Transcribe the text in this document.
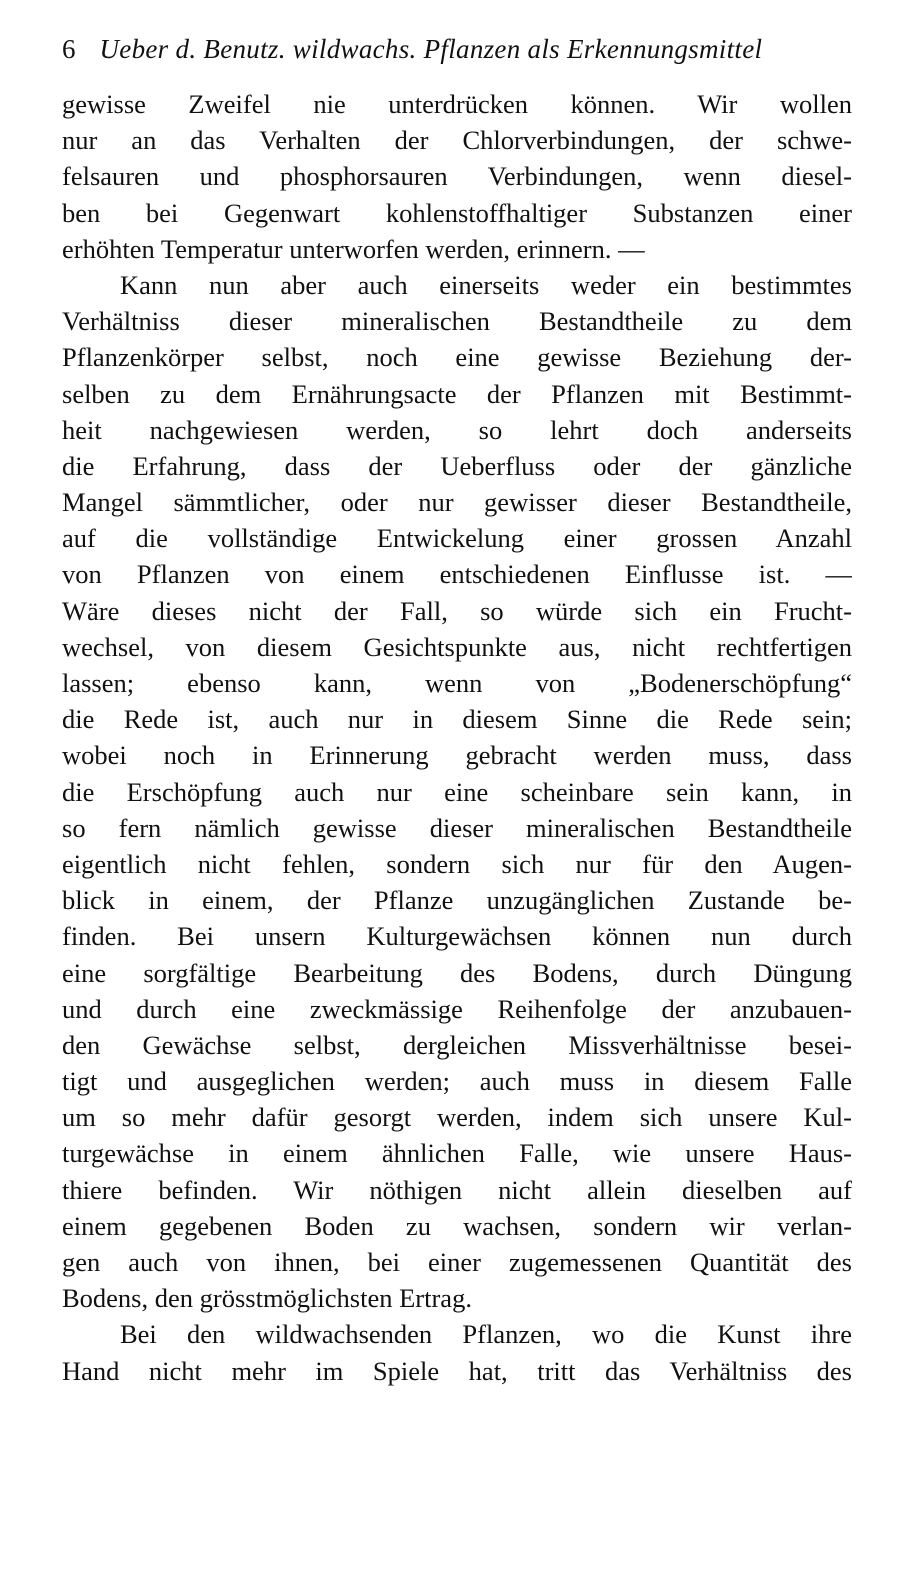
6 Ueber d. Benutz. wildwachs. Pflanzen als Erkennungsmittel
gewisse Zweifel nie unterdrücken können. Wir wollen
nur an das Verhalten der Chlorverbindungen, der schwe-
felsauren und phosphorsauren Verbindungen, wenn diesel-
ben bei Gegenwart kohlenstoffhaltiger Substanzen einer
erhöhten Temperatur unterworfen werden, erinnern. —
Kann nun aber auch einerseits weder ein bestimmtes
Verhältniss dieser mineralischen Bestandtheile zu dem
Pflanzenkörper selbst, noch eine gewisse Beziehung der-
selben zu dem Ernährungsacte der Pflanzen mit Bestimmt-
heit nachgewiesen werden, so lehrt doch anderseits
die Erfahrung, dass der Ueberfluss oder der gänzliche
Mangel sämmtlicher, oder nur gewisser dieser Bestandtheile,
auf die vollständige Entwickelung einer grossen Anzahl
von Pflanzen von einem entschiedenen Einflusse ist. —
Wäre dieses nicht der Fall, so würde sich ein Frucht-
wechsel, von diesem Gesichtspunkte aus, nicht rechtfertigen
lassen; ebenso kann, wenn von „Bodenerschöpfung“
die Rede ist, auch nur in diesem Sinne die Rede sein;
wobei noch in Erinnerung gebracht werden muss, dass
die Erschöpfung auch nur eine scheinbare sein kann, in
so fern nämlich gewisse dieser mineralischen Bestandtheile
eigentlich nicht fehlen, sondern sich nur für den Augen-
blick in einem, der Pflanze unzugänglichen Zustande be-
finden. Bei unsern Kulturgewächsen können nun durch
eine sorgfältige Bearbeitung des Bodens, durch Düngung
und durch eine zweckmässige Reihenfolge der anzubauen-
den Gewächse selbst, dergleichen Missverhältnisse besei-
tigt und ausgeglichen werden; auch muss in diesem Falle
um so mehr dafür gesorgt werden, indem sich unsere Kul-
turgewächse in einem ähnlichen Falle, wie unsere Haus-
thiere befinden. Wir nöthigen nicht allein dieselben auf
einem gegebenen Boden zu wachsen, sondern wir verlan-
gen auch von ihnen, bei einer zugemessenen Quantität des
Bodens, den grösstmöglichsten Ertrag.
Bei den wildwachsenden Pflanzen, wo die Kunst ihre
Hand nicht mehr im Spiele hat, tritt das Verhältniss des
